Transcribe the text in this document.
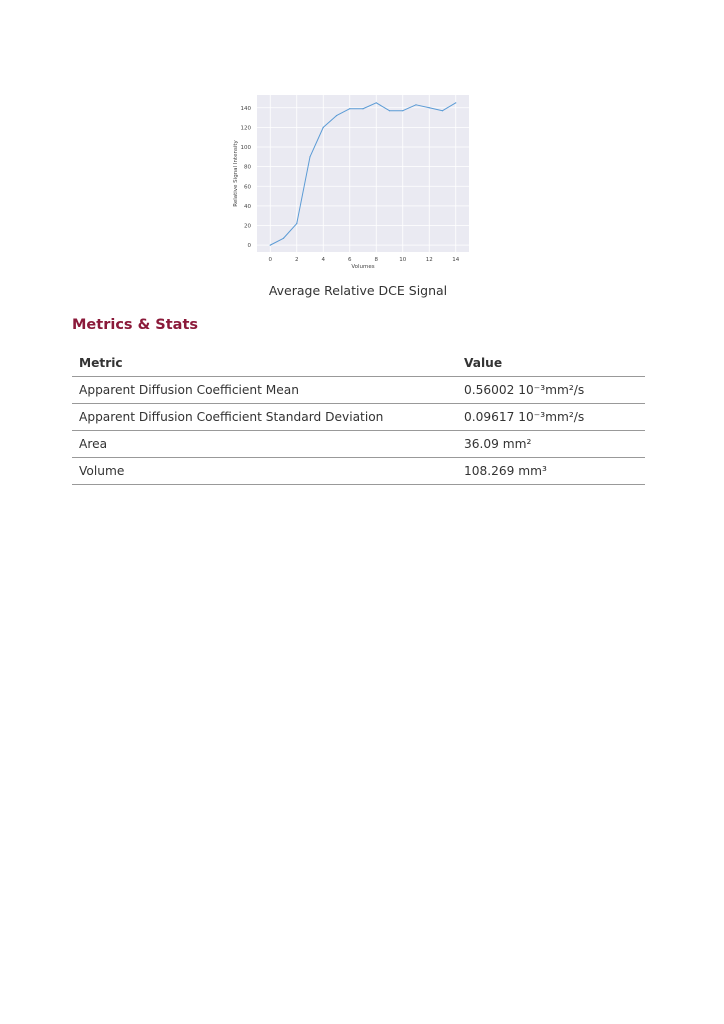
0	2	4	6	8	10	12	14
0
20
40
60
80
100
120
140
Volumes
Relative Signal Intensity
Average Relative DCE Signal
Metrics & Stats
Metric	Value
Apparent Diffusion Coefficient Mean	0.56002 10⁻³mm²/s
Apparent Diffusion Coefficient Standard Deviation	0.09617 10⁻³mm²/s
Area	36.09 mm²
Volume	108.269 mm³
